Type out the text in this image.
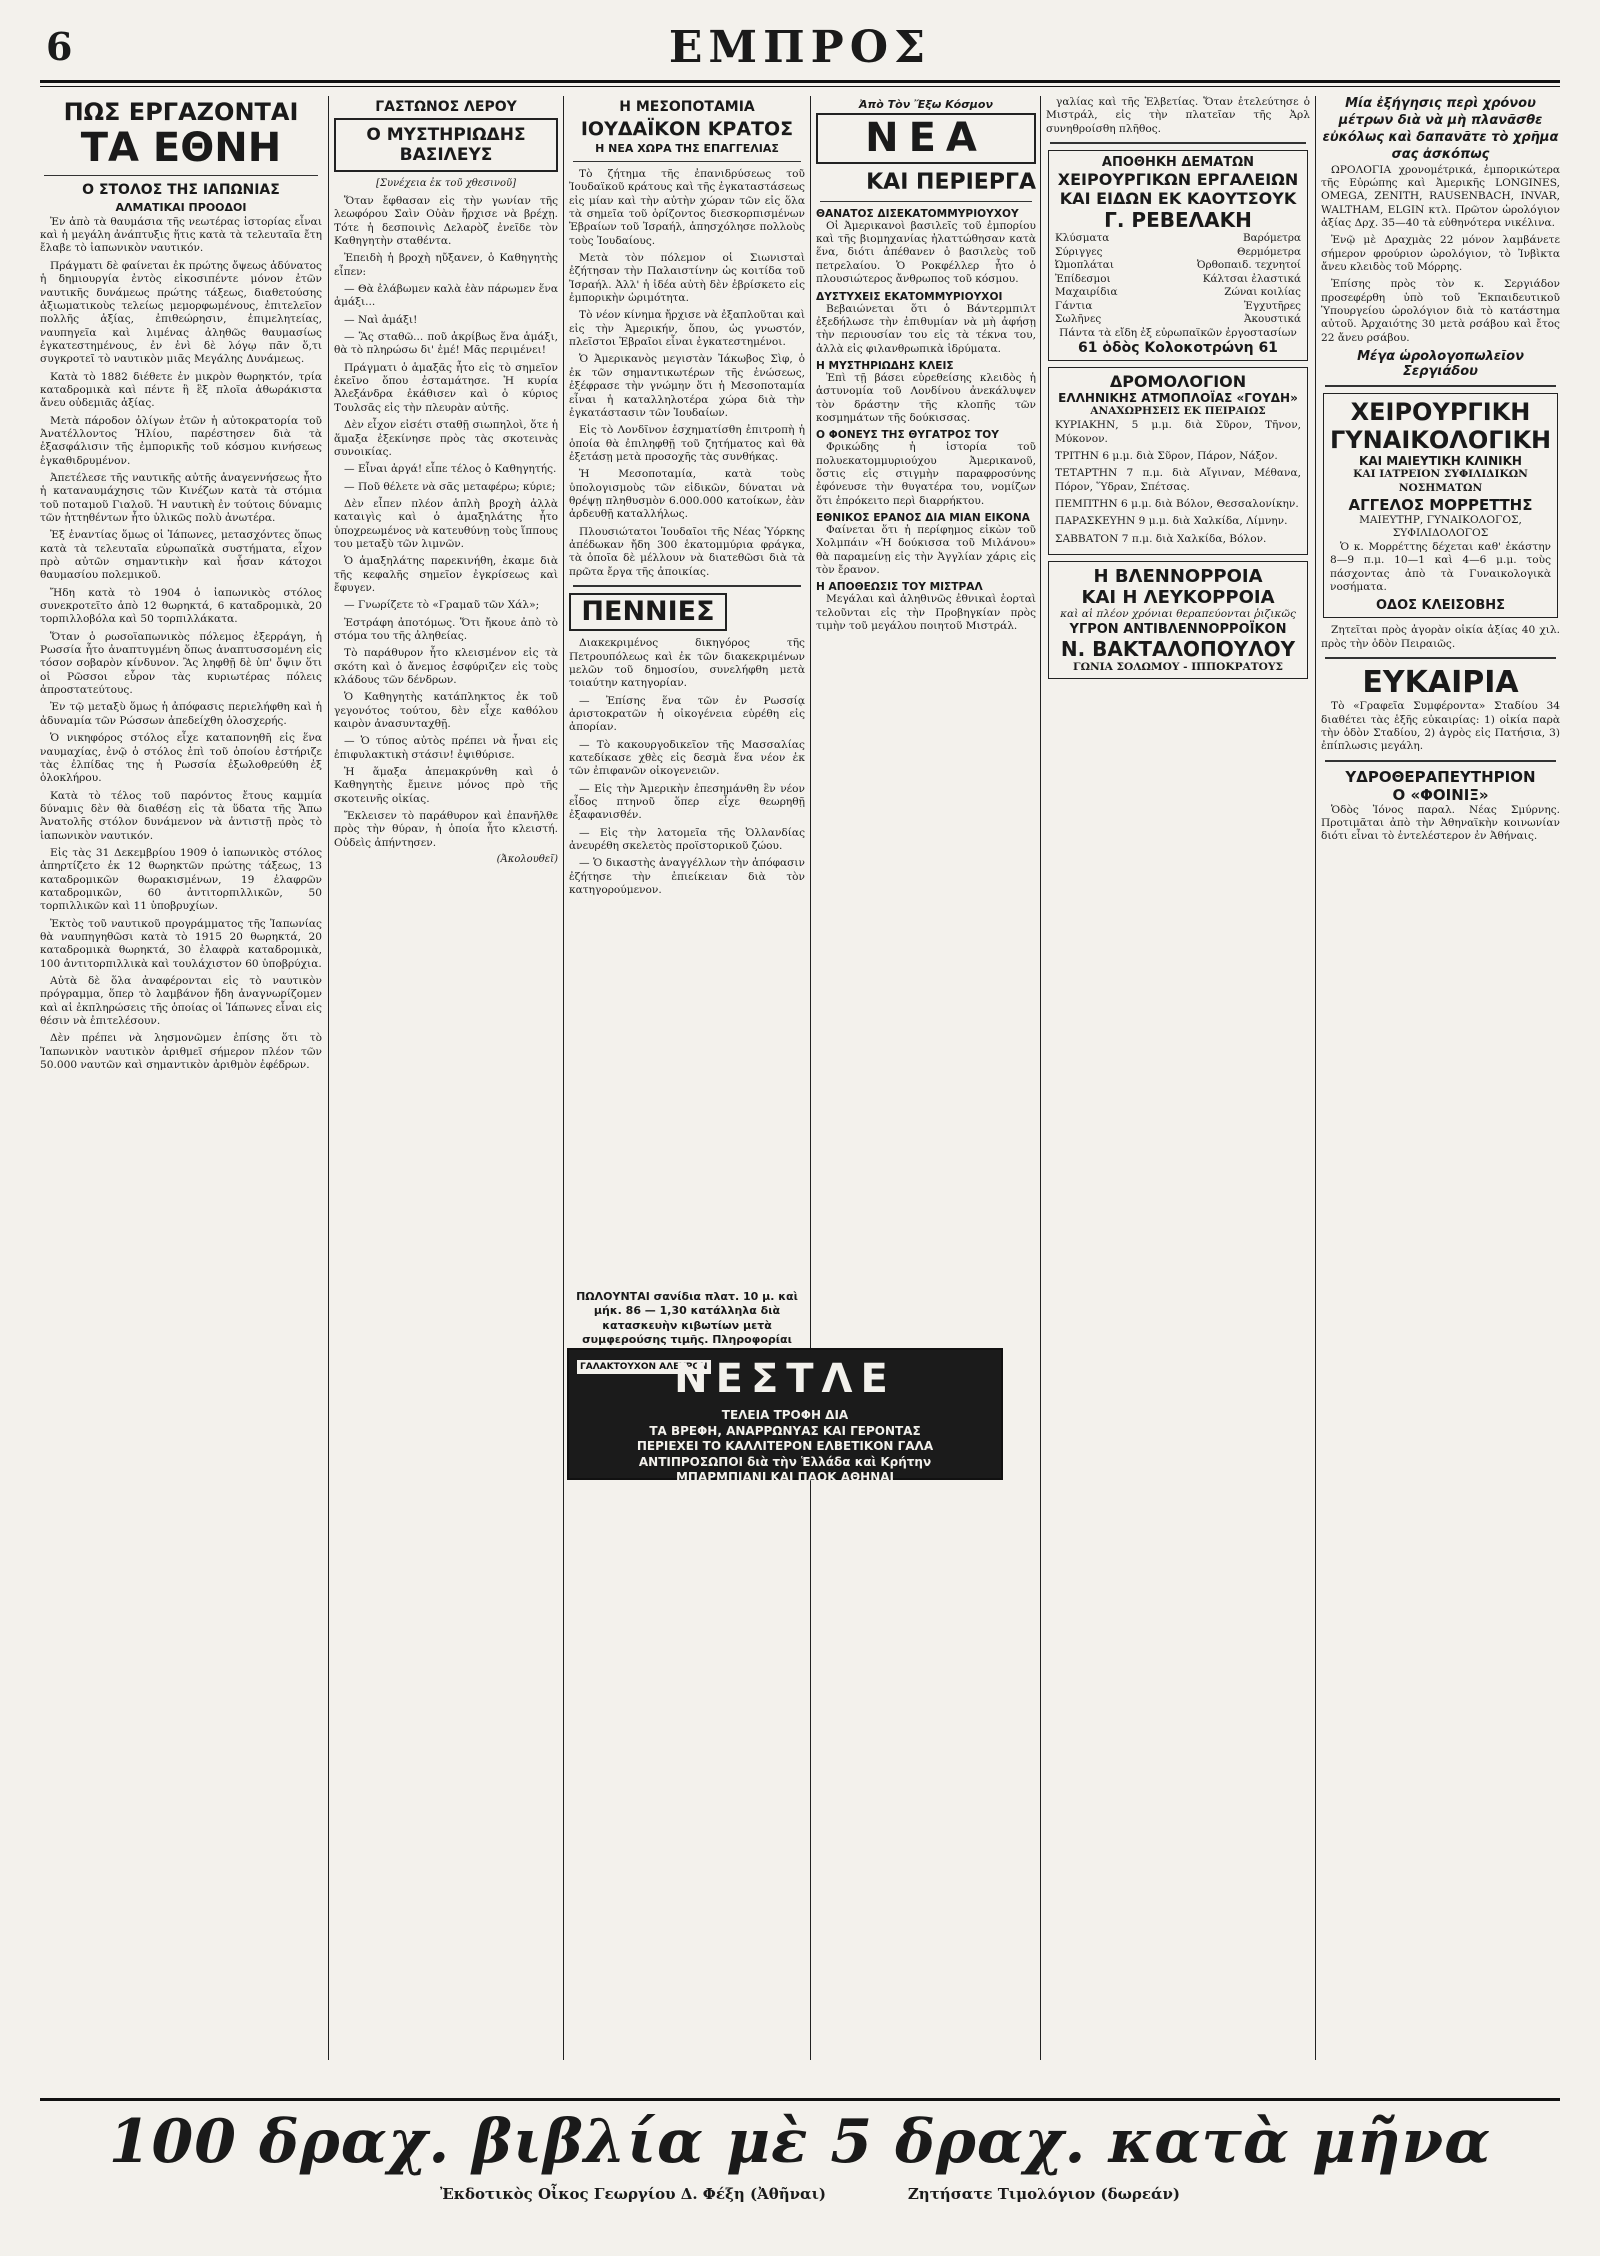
6	ΕΜΠΡΟΣ
ΠΩΣ ΕΡΓΑΖΟΝΤΑΙ
ΤΑ ΕΘΝΗ
Ο ΣΤΟΛΟΣ ΤΗΣ ΙΑΠΩΝΙΑΣ
ΑΛΜΑΤΙΚΑΙ ΠΡΟΟΔΟΙ

Ἐν ἀπὸ τὰ θαυμάσια τῆς νεωτέρας ἱστορίας εἶναι καὶ ἡ μεγάλη ἀνάπτυξις ἥτις κατὰ τὰ τελευταῖα ἔτη ἔλαβε τὸ ἰαπωνικὸν ναυτικόν.

Πράγματι δὲ φαίνεται ἐκ πρώτης ὄψεως ἀδύνατος ἡ δημιουργία ἐντὸς εἰκοσιπέντε μόνον ἐτῶν ναυτικῆς δυνάμεως πρώτης τάξεως, διαθετούσης ἀξιωματικοὺς τελείως μεμορφωμένους, ἐπιτελεῖον πολλῆς ἀξίας, ἐπιθεώρησιν, ἐπιμελητείας, ναυπηγεῖα καὶ λιμένας ἀληθῶς θαυμασίως ἐγκατεστημένους, ἐν ἑνὶ δὲ λόγῳ πᾶν ὅ,τι συγκροτεῖ τὸ ναυτικὸν μιᾶς Μεγάλης Δυνάμεως.

Κατὰ τὸ 1882 διέθετε ἐν μικρὸν θωρηκτόν, τρία καταδρομικὰ καὶ πέντε ἢ ἓξ πλοῖα ἀθωράκιστα ἄνευ οὐδεμιᾶς ἀξίας.

Μετὰ πάροδον ὀλίγων ἐτῶν ἡ αὐτοκρατορία τοῦ Ἀνατέλλοντος Ἡλίου, παρέστησεν διὰ τὰ ἐξασφάλισιν τῆς ἐμπορικῆς τοῦ κόσμου κινήσεως ἐγκαθιδρυμένον.

Ἀπετέλεσε τῆς ναυτικῆς αὐτῆς ἀναγεννήσεως ἦτο ἡ καταναυμάχησις τῶν Κινέζων κατὰ τὰ στόμια τοῦ ποταμοῦ Γιαλοῦ. Ἡ ναυτικὴ ἐν τούτοις δύναμις τῶν ἡττηθέντων ἦτο ὑλικῶς πολὺ ἀνωτέρα.

Ἐξ ἐναντίας ὅμως οἱ Ἰάπωνες, μετασχόντες ὅπως κατὰ τὰ τελευταῖα εὐρωπαϊκὰ συστήματα, εἶχον πρὸ αὐτῶν σημαντικὴν καὶ ἦσαν κάτοχοι θαυμασίου πολεμικοῦ.

Ἤδη κατὰ τὸ 1904 ὁ ἰαπωνικὸς στόλος συνεκροτεῖτο ἀπὸ 12 θωρηκτά, 6 καταδρομικὰ, 20 τορπιλλοβόλα καὶ 50 τορπιλλάκατα.

Ὅταν ὁ ρωσοϊαπωνικὸς πόλεμος ἐξερράγη, ἡ Ρωσσία ἦτο ἀναπτυγμένη ὅπως ἀναπτυσσομένη εἰς τόσον σοβαρὸν κίνδυνον. Ἂς ληφθῇ δὲ ὑπ' ὄψιν ὅτι οἱ Ρῶσσοι εὗρον τὰς κυριωτέρας πόλεις ἀπροστατεύτους.

Ἐν τῷ μεταξὺ ὅμως ἡ ἀπόφασις περιελήφθη καὶ ἡ ἀδυναμία τῶν Ρώσσων ἀπεδείχθη ὁλοσχερής.

Ὁ νικηφόρος στόλος εἶχε καταπονηθῆ εἰς ἕνα ναυμαχίας, ἐνῷ ὁ στόλος ἐπὶ τοῦ ὁποίου ἐστήριζε τὰς ἐλπίδας της ἡ Ρωσσία ἐξωλοθρεύθη ἐξ ὁλοκλήρου.

Κατὰ τὸ τέλος τοῦ παρόντος ἔτους καμμία δύναμις δὲν θὰ διαθέσῃ εἰς τὰ ὕδατα τῆς Ἄπω Ἀνατολῆς στόλον δυνάμενον νὰ ἀντιστῇ πρὸς τὸ ἰαπωνικὸν ναυτικόν.

Εἰς τὰς 31 Δεκεμβρίου 1909 ὁ ἰαπωνικὸς στόλος ἀπηρτίζετο ἐκ 12 θωρηκτῶν πρώτης τάξεως, 13 καταδρομικῶν θωρακισμένων, 19 ἐλαφρῶν καταδρομικῶν, 60 ἀντιτορπιλλικῶν, 50 τορπιλλικῶν καὶ 11 ὑποβρυχίων.

Ἐκτὸς τοῦ ναυτικοῦ προγράμματος τῆς Ἰαπωνίας θὰ ναυπηγηθῶσι κατὰ τὸ 1915 20 θωρηκτά, 20 καταδρομικὰ θωρηκτά, 30 ἐλαφρὰ καταδρομικὰ, 100 ἀντιτορπιλλικὰ καὶ τουλάχιστον 60 ὑποβρύχια.

Αὐτὰ δὲ ὅλα ἀναφέρονται εἰς τὸ ναυτικὸν πρόγραμμα, ὅπερ τὸ λαμβάνον ἤδη ἀναγνωρίζομεν καὶ αἱ ἐκπληρώσεις τῆς ὁποίας οἱ Ἰάπωνες εἶναι εἰς θέσιν νὰ ἐπιτελέσουν.

Δὲν πρέπει νὰ λησμονῶμεν ἐπίσης ὅτι τὸ Ἰαπωνικὸν ναυτικὸν ἀριθμεῖ σήμερον πλέον τῶν 50.000 ναυτῶν καὶ σημαντικὸν ἀριθμὸν ἐφέδρων.

ΓΑΣΤΩΝΟΣ ΛΕΡΟΥ
Ο ΜΥΣΤΗΡΙΩΔΗΣ ΒΑΣΙΛΕΥΣ
[Συνέχεια ἐκ τοῦ χθεσινοῦ]

Ὅταν ἔφθασαν εἰς τὴν γωνίαν τῆς λεωφόρου Σαὶν Οὐὰν ἤρχισε νὰ βρέχῃ. Τότε ἡ δεσποινὶς Δελαρὸζ ἐνεῖδε τὸν Καθηγητὴν σταθέντα.

Ἐπειδὴ ἡ βροχὴ ηὔξανεν, ὁ Καθηγητὴς εἶπεν:

— Θὰ ἐλάβωμεν καλὰ ἐὰν πάρωμεν ἕνα ἁμάξι...

— Ναὶ ἀμάξι!

— Ἂς σταθῶ... ποῦ ἀκρίβως ἕνα ἁμάξι, θὰ τὸ πληρώσω δι' ἐμέ! Μᾶς περιμένει!

Πράγματι ὁ ἁμαξᾶς ἦτο εἰς τὸ σημεῖον ἐκεῖνο ὅπου ἐσταμάτησε. Ἡ κυρία Ἀλεξάνδρα ἐκάθισεν καὶ ὁ κύριος Τουλσᾶς εἰς τὴν πλευρὰν αὐτῆς.

Δὲν εἶχον εἰσέτι σταθῇ σιωπηλοὶ, ὅτε ἡ ἅμαξα ἐξεκίνησε πρὸς τὰς σκοτεινὰς συνοικίας.

— Εἶναι ἀργά! εἶπε τέλος ὁ Καθηγητής.

— Ποῦ θέλετε νὰ σᾶς μεταφέρω; κύριε;

Δὲν εἶπεν πλέον ἁπλὴ βροχὴ ἀλλὰ καταιγὶς καὶ ὁ ἁμαξηλάτης ἦτο ὑποχρεωμένος νὰ κατευθύνῃ τοὺς ἵππους του μεταξὺ τῶν λιμνῶν.

Ὁ ἁμαξηλάτης παρεκινήθη, ἐκαμε διὰ τῆς κεφαλῆς σημεῖον ἐγκρίσεως καὶ ἔφυγεν.

— Γνωρίζετε τὸ «Γραμαῦ τῶν Χάλ»;

Ἐστράφη ἀποτόμως. Ὅτι ἤκουε ἀπὸ τὸ στόμα του τῆς ἀληθείας.

Τὸ παράθυρον ἦτο κλεισμένον εἰς τὰ σκότη καὶ ὁ ἄνεμος ἐσφύριζεν εἰς τοὺς κλάδους τῶν δένδρων.

Ὁ Καθηγητὴς κατάπληκτος ἐκ τοῦ γεγονότος τούτου, δὲν εἶχε καθόλου καιρὸν ἀνασυνταχθῇ.

— Ὁ τύπος αὐτὸς πρέπει νὰ ἦναι εἰς ἐπιφυλακτικὴ στάσιν! ἐψιθύρισε.

Ἡ ἅμαξα ἀπεμακρύνθη καὶ ὁ Καθηγητὴς ἔμεινε μόνος πρὸ τῆς σκοτεινῆς οἰκίας.

Ἔκλεισεν τὸ παράθυρον καὶ ἐπανῆλθε πρὸς τὴν θύραν, ἡ ὁποία ἦτο κλειστή. Οὐδεὶς ἀπήντησεν.

(Ἀκολουθεῖ)
Η ΜΕΣΟΠΟΤΑΜΙΑ
ΙΟΥΔΑΪΚΟΝ ΚΡΑΤΟΣ
Η ΝΕΑ ΧΩΡΑ ΤΗΣ ΕΠΑΓΓΕΛΙΑΣ

Τὸ ζήτημα τῆς ἐπανιδρύσεως τοῦ Ἰουδαϊκοῦ κράτους καὶ τῆς ἐγκαταστάσεως εἰς μίαν καὶ τὴν αὐτὴν χώραν τῶν εἰς ὅλα τὰ σημεῖα τοῦ ὁρίζοντος διεσκορπισμένων Ἑβραίων τοῦ Ἰσραήλ, ἀπησχόλησε πολλοὺς τοὺς Ἰουδαίους.

Μετὰ τὸν πόλεμον οἱ Σιωνισταὶ ἐζήτησαν τὴν Παλαιστίνην ὡς κοιτίδα τοῦ Ἰσραήλ. Ἀλλ' ἡ ἰδέα αὐτὴ δὲν ἐβρίσκετο εἰς ἐμπορικὴν ὡριμότητα.

Τὸ νέον κίνημα ἤρχισε νὰ ἐξαπλοῦται καὶ εἰς τὴν Ἀμερικήν, ὅπου, ὡς γνωστόν, πλεῖστοι Ἑβραῖοι εἶναι ἐγκατεστημένοι.

Ὁ Ἀμερικανὸς μεγιστὰν Ἰάκωβος Σὶφ, ὁ ἐκ τῶν σημαντικωτέρων τῆς ἐνώσεως, ἐξέφρασε τὴν γνώμην ὅτι ἡ Μεσοποταμία εἶναι ἡ καταλληλοτέρα χώρα διὰ τὴν ἐγκατάστασιν τῶν Ἰουδαίων.

Εἰς τὸ Λονδῖνον ἐσχηματίσθη ἐπιτροπὴ ἡ ὁποία θὰ ἐπιληφθῇ τοῦ ζητήματος καὶ θὰ ἐξετάσῃ μετὰ προσοχῆς τὰς συνθήκας.

Ἡ Μεσοποταμία, κατὰ τοὺς ὑπολογισμοὺς τῶν εἰδικῶν, δύναται νὰ θρέψῃ πληθυσμὸν 6.000.000 κατοίκων, ἐὰν ἀρδευθῇ καταλλήλως.

Πλουσιώτατοι Ἰουδαῖοι τῆς Νέας Ὑόρκης ἀπέδωκαν ἤδη 300 ἑκατομμύρια φράγκα, τὰ ὁποῖα δὲ μέλλουν νὰ διατεθῶσι διὰ τὰ πρῶτα ἔργα τῆς ἀποικίας.

ΠΕΝΝΙΕΣ

Διακεκριμένος δικηγόρος τῆς Πετρουπόλεως καὶ ἐκ τῶν διακεκριμένων μελῶν τοῦ δημοσίου, συνελήφθη μετὰ τοιαύτην κατηγορίαν.

— Ἐπίσης ἕνα τῶν ἐν Ρωσσίᾳ ἀριστοκρατῶν ἡ οἰκογένεια εὑρέθη εἰς ἀπορίαν.

— Τὸ κακουργοδικεῖον τῆς Μασσαλίας κατεδίκασε χθὲς εἰς δεσμὰ ἕνα νέον ἐκ τῶν ἐπιφανῶν οἰκογενειῶν.

— Εἰς τὴν Ἀμερικὴν ἐπεσημάνθη ἓν νέον εἶδος πτηνοῦ ὅπερ εἶχε θεωρηθῇ ἐξαφανισθέν.

— Εἰς τὴν λατομεῖα τῆς Ὀλλανδίας ἀνευρέθη σκελετὸς προϊστορικοῦ ζώου.

— Ὁ δικαστὴς ἀναγγέλλων τὴν ἀπόφασιν ἐζήτησε τὴν ἐπιείκειαν διὰ τὸν κατηγορούμενον.

ΠΩΛΟΥΝΤΑΙ σανίδια πλατ. 10 μ. καὶ μήκ. 86 — 1,30 κατάλληλα διὰ κατασκευὴν κιβωτίων μετὰ συμφερούσης τιμῆς. Πληροφορίαι
Ἀπὸ Τὸν Ἔξω Κόσμον
ΝΕΑ
ΚΑΙ ΠΕΡΙΕΡΓΑ
ΘΑΝΑΤΟΣ ΔΙΣΕΚΑΤΟΜΜΥΡΙΟΥΧΟΥ

Οἱ Ἀμερικανοὶ βασιλεῖς τοῦ ἐμπορίου καὶ τῆς βιομηχανίας ἠλαττώθησαν κατὰ ἕνα, διότι ἀπέθανεν ὁ βασιλεὺς τοῦ πετρελαίου. Ὁ Ροκφέλλερ ἦτο ὁ πλουσιώτερος ἄνθρωπος τοῦ κόσμου.

ΔΥΣΤΥΧΕΙΣ ΕΚΑΤΟΜΜΥΡΙΟΥΧΟΙ

Βεβαιώνεται ὅτι ὁ Βάντερμπιλτ ἐξεδήλωσε τὴν ἐπιθυμίαν νὰ μὴ ἀφήσῃ τὴν περιουσίαν του εἰς τὰ τέκνα του, ἀλλὰ εἰς φιλανθρωπικὰ ἱδρύματα.

Η ΜΥΣΤΗΡΙΩΔΗΣ ΚΛΕΙΣ

Ἐπὶ τῇ βάσει εὑρεθείσης κλειδὸς ἡ ἀστυνομία τοῦ Λονδίνου ἀνεκάλυψεν τὸν δράστην τῆς κλοπῆς τῶν κοσμημάτων τῆς δούκισσας.

Ο ΦΟΝΕΥΣ ΤΗΣ ΘΥΓΑΤΡΟΣ ΤΟΥ

Φρικώδης ἡ ἱστορία τοῦ πολυεκατομμυριούχου Ἀμερικανοῦ, ὅστις εἰς στιγμὴν παραφροσύνης ἐφόνευσε τὴν θυγατέρα του, νομίζων ὅτι ἐπρόκειτο περὶ διαρρήκτου.

ΕΘΝΙΚΟΣ ΕΡΑΝΟΣ ΔΙΑ ΜΙΑΝ ΕΙΚΟΝΑ

Φαίνεται ὅτι ἡ περίφημος εἰκὼν τοῦ Χολμπάιν «Ἡ δούκισσα τοῦ Μιλάνου» θὰ παραμείνῃ εἰς τὴν Ἀγγλίαν χάρις εἰς τὸν ἔρανον.

Η ΑΠΟΘΕΩΣΙΣ ΤΟΥ ΜΙΣΤΡΑΛ

Μεγάλαι καὶ ἀληθινῶς ἐθνικαὶ ἑορταὶ τελοῦνται εἰς τὴν Προβηγκίαν πρὸς τιμὴν τοῦ μεγάλου ποιητοῦ Μιστράλ.

ΓΑΛΑΚΤΟΥΧΟΝ ΑΛΕΥΡΟΝ
ΝΕΣΤΛΕ
ΤΕΛΕΙΑ ΤΡΟΦΗ ΔΙΑ
ΤΑ ΒΡΕΦΗ, ΑΝΑΡΡΩΝΥΑΣ ΚΑΙ ΓΕΡΟΝΤΑΣ
ΠΕΡΙΕΧΕΙ ΤΟ ΚΑΛΛΙΤΕΡΟΝ ΕΛΒΕΤΙΚΟΝ ΓΑΛΑ
ΑΝΤΙΠΡΟΣΩΠΟΙ διὰ τὴν Ἑλλάδα καὶ Κρήτην
ΜΠΑΡΜΠΙΑΝΙ ΚΑΙ ΠΑΟΚ ΑΘΗΝΑΙ

γαλίας καὶ τῆς Ἑλβετίας. Ὅταν ἐτελεύτησε ὁ Μιστράλ, εἰς τὴν πλατεῖαν τῆς Ἀρλ συνηθροίσθη πλῆθος.

ΑΠΟΘΗΚΗ ΔΕΜΑΤΩΝ
ΧΕΙΡΟΥΡΓΙΚΩΝ ΕΡΓΑΛΕΙΩΝ
ΚΑΙ ΕΙΔΩΝ ΕΚ ΚΑΟΥΤΣΟΥΚ
Γ. ΡΕΒΕΛΑΚΗ
Κλύσματα	Βαρόμετρα
Σύριγγες	Θερμόμετρα
Ὠμοπλάται	Ὀρθοπαιδ. τεχνητοί
Ἐπίδεσμοι	Κάλτσαι ἐλαστικά
Μαχαιρίδια	Ζώναι κοιλίας
Γάντια	Ἐγχυτῆρες
Σωλῆνες	Ἀκουστικά
Πάντα τὰ εἴδη ἐξ εὐρωπαϊκῶν ἐργοστασίων
61 ὁδὸς Κολοκοτρώνη 61
ΔΡΟΜΟΛΟΓΙΟΝ
ΕΛΛΗΝΙΚΗΣ ΑΤΜΟΠΛΟΪΑΣ «ΓΟΥΔΗ»
ΑΝΑΧΩΡΗΣΕΙΣ ΕΚ ΠΕΙΡΑΙΩΣ

ΚΥΡΙΑΚΗΝ, 5 μ.μ. διὰ Σῦρον, Τῆνον, Μύκονον.

ΤΡΙΤΗΝ 6 μ.μ. διὰ Σῦρον, Πάρον, Νάξον.

ΤΕΤΑΡΤΗΝ 7 π.μ. διὰ Αἴγιναν, Μέθανα, Πόρον, Ὕδραν, Σπέτσας.

ΠΕΜΠΤΗΝ 6 μ.μ. διὰ Βόλον, Θεσσαλονίκην.

ΠΑΡΑΣΚΕΥΗΝ 9 μ.μ. διὰ Χαλκίδα, Λίμνην.

ΣΑΒΒΑΤΟΝ 7 π.μ. διὰ Χαλκίδα, Βόλον.

Η ΒΛΕΝΝΟΡΡΟΙΑ
ΚΑΙ Η ΛΕΥΚΟΡΡΟΙΑ
καὶ αἱ πλέον χρόνιαι θεραπεύονται ῥιζικῶς
ΥΓΡΟΝ ΑΝΤΙΒΛΕΝΝΟΡΡΟΪΚΟΝ
Ν. ΒΑΚΤΑΛΟΠΟΥΛΟΥ
ΓΩΝΙΑ ΣΟΛΩΜΟΥ - ΙΠΠΟΚΡΑΤΟΥΣ
Μία ἐξήγησις περὶ χρόνου μέτρων διὰ νὰ μὴ πλανᾶσθε εὐκόλως καὶ δαπανᾶτε τὸ χρῆμα σας ἀσκόπως

ΩΡΟΛΟΓΙΑ χρονομέτρικά, ἐμπορικώτερα τῆς Εὐρώπης καὶ Ἀμερικῆς LONGINES, OMEGA, ZENITH, RAUSENBACH, INVAR, WALTHAM, ELGIN κτλ. Πρῶτον ὡρολόγιον ἀξίας Δρχ. 35—40 τὰ εὐθηνότερα νικέλινα.

Ἐνῷ μὲ Δραχμὰς 22 μόνον λαμβάνετε σήμερον φρούριον ὡρολόγιον, τὸ Ἰνβὶκτα ἄνευ κλειδὸς τοῦ Μόρρης.

Ἐπίσης πρὸς τὸν κ. Σεργιάδον προσεφέρθη ὑπὸ τοῦ Ἐκπαιδευτικοῦ Ὑπουργείου ὡρολόγιον διὰ τὸ κατάστημα αὐτοῦ. Ἀρχαιότης 30 μετὰ ρσάβου καὶ ἔτος 22 ἄνευ ρσάβου.

Μέγα ὡρολογοπωλεῖον Σεργιάδου
ΧΕΙΡΟΥΡΓΙΚΗ
ΓΥΝΑΙΚΟΛΟΓΙΚΗ
ΚΑΙ ΜΑΙΕΥΤΙΚΗ ΚΛΙΝΙΚΗ
ΚΑΙ ΙΑΤΡΕΙΟΝ ΣΥΦΙΛΙΔΙΚΩΝ ΝΟΣΗΜΑΤΩΝ
ΑΓΓΕΛΟΣ ΜΟΡΡΕΤΤΗΣ
ΜΑΙΕΥΤΗΡ, ΓΥΝΑΙΚΟΛΟΓΟΣ, ΣΥΦΙΛΙΔΟΛΟΓΟΣ

Ὁ κ. Μορρέττης δέχεται καθ' ἑκάστην 8—9 π.μ. 10—1 καὶ 4—6 μ.μ. τοὺς πάσχοντας ἀπὸ τὰ Γυναικολογικὰ νοσήματα.

ΟΔΟΣ ΚΛΕΙΣΟΒΗΣ

Ζητεῖται πρὸς ἀγορὰν οἰκία ἀξίας 40 χιλ. πρὸς τὴν ὁδὸν Πειραιῶς.

ΕΥΚΑΙΡΙΑ

Τὸ «Γραφεῖα Συμφέροντα» Σταδίου 34 διαθέτει τὰς ἑξῆς εὐκαιρίας: 1) οἰκία παρὰ τὴν ὁδὸν Σταδίου, 2) ἀγρὸς εἰς Πατήσια, 3) ἐπίπλωσις μεγάλη.

ΥΔΡΟΘΕΡΑΠΕΥΤΗΡΙΟΝ
Ο «ΦΟΙΝΙΞ»

Ὁδὸς Ἰόνος παραλ. Νέας Σμύρνης. Προτιμᾶται ἀπὸ τὴν Ἀθηναϊκὴν κοινωνίαν διότι εἶναι τὸ ἐντελέστερον ἐν Ἀθήναις.

100 δραχ. βιβλία μὲ 5 δραχ. κατὰ μῆνα
Ἐκδοτικὸς Οἶκος Γεωργίου Δ. Φέξη (Ἀθῆναι)	Ζητήσατε Τιμολόγιον (δωρεάν)
